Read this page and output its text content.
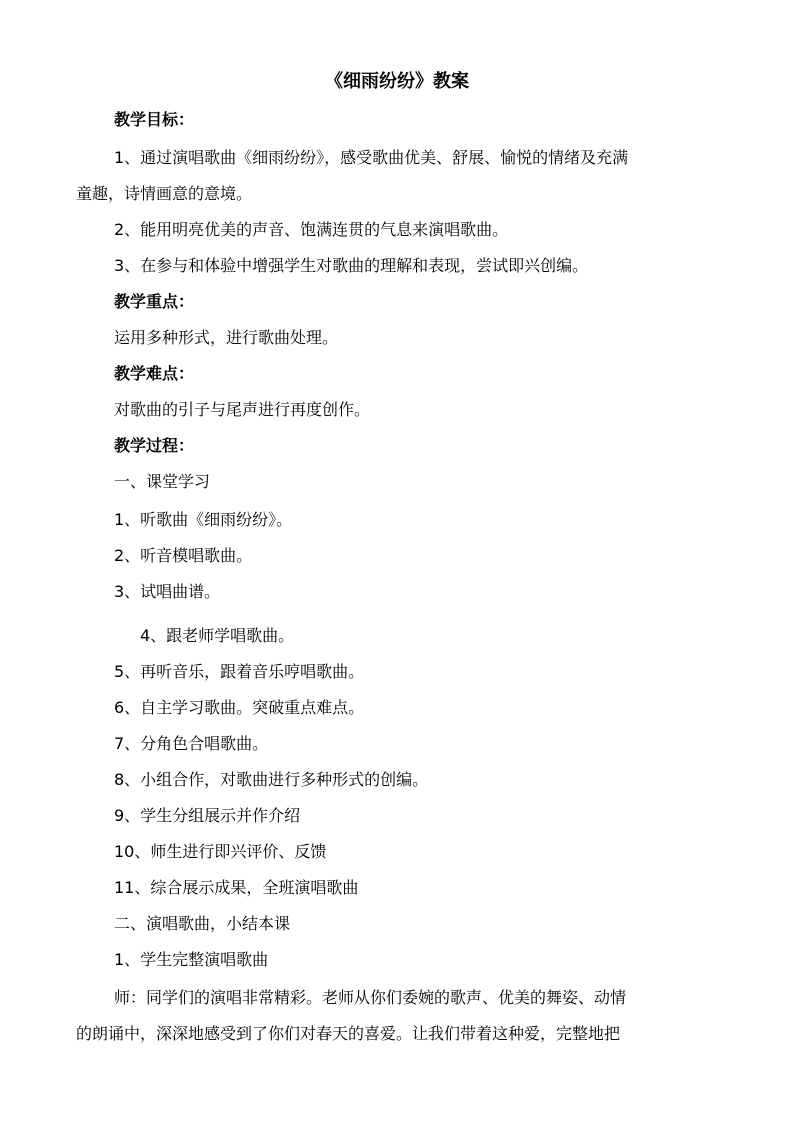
《细雨纷纷》教案
教学目标：
1、通过演唱歌曲《细雨纷纷》，感受歌曲优美、舒展、愉悦的情绪及充满
童趣，诗情画意的意境。
2、能用明亮优美的声音、饱满连贯的气息来演唱歌曲。
3、在参与和体验中增强学生对歌曲的理解和表现，尝试即兴创编。
教学重点：
运用多种形式，进行歌曲处理。
教学难点：
对歌曲的引子与尾声进行再度创作。
教学过程：
一、课堂学习
1、听歌曲《细雨纷纷》。
2、听音模唱歌曲。
3、试唱曲谱。
4、跟老师学唱歌曲。
5、再听音乐，跟着音乐哼唱歌曲。
6、自主学习歌曲。突破重点难点。
7、分角色合唱歌曲。
8、小组合作，对歌曲进行多种形式的创编。
9、学生分组展示并作介绍
10、师生进行即兴评价、反馈
11、综合展示成果，全班演唱歌曲
二、演唱歌曲，小结本课
1、学生完整演唱歌曲
师：同学们的演唱非常精彩。老师从你们委婉的歌声、优美的舞姿、动情
的朗诵中，深深地感受到了你们对春天的喜爱。让我们带着这种爱，完整地把
